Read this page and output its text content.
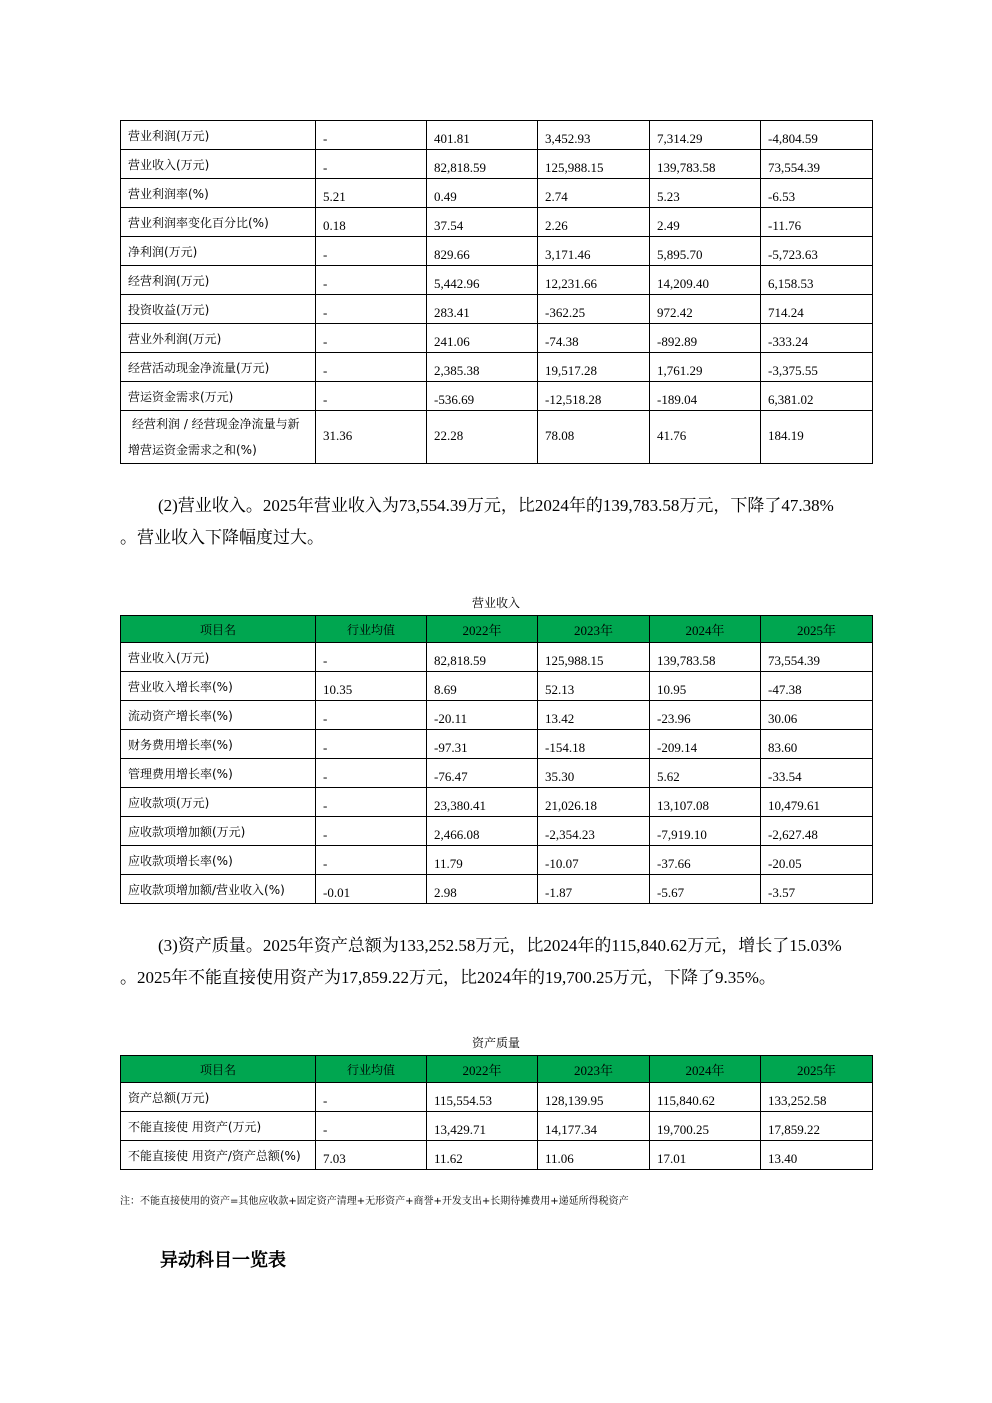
营业利润(万元)	-	401.81	3,452.93	7,314.29	-4,804.59
营业收入(万元)	-	82,818.59	125,988.15	139,783.58	73,554.39
营业利润率(%)	5.21	0.49	2.74	5.23	-6.53
营业利润率变化百分比(%)	0.18	37.54	2.26	2.49	-11.76
净利润(万元)	-	829.66	3,171.46	5,895.70	-5,723.63
经营利润(万元)	-	5,442.96	12,231.66	14,209.40	6,158.53
投资收益(万元)	-	283.41	-362.25	972.42	714.24
营业外利润(万元)	-	241.06	-74.38	-892.89	-333.24
经营活动现金净流量(万元)	-	2,385.38	19,517.28	1,761.29	-3,375.55
营运资金需求(万元)	-	-536.69	-12,518.28	-189.04	6,381.02

经营利润 / 经营现金净流量与新
增营运资金需求之和(%)	31.36	22.28	78.08	41.76	184.19
(2)营业收入。2025年营业收入为73,554.39万元，比2024年的139,783.58万元，下降了47.38%
。营业收入下降幅度过大。
营业收入
项目名	行业均值	2022年	2023年	2024年	2025年
营业收入(万元)	-	82,818.59	125,988.15	139,783.58	73,554.39
营业收入增长率(%)	10.35	8.69	52.13	10.95	-47.38
流动资产增长率(%)	-	-20.11	13.42	-23.96	30.06
财务费用增长率(%)	-	-97.31	-154.18	-209.14	83.60
管理费用增长率(%)	-	-76.47	35.30	5.62	-33.54
应收款项(万元)	-	23,380.41	21,026.18	13,107.08	10,479.61
应收款项增加额(万元)	-	2,466.08	-2,354.23	-7,919.10	-2,627.48
应收款项增长率(%)	-	11.79	-10.07	-37.66	-20.05
应收款项增加额/营业收入(%)	-0.01	2.98	-1.87	-5.67	-3.57
(3)资产质量。2025年资产总额为133,252.58万元，比2024年的115,840.62万元，增长了15.03%
。2025年不能直接使用资产为17,859.22万元，比2024年的19,700.25万元，下降了9.35%。
资产质量
项目名	行业均值	2022年	2023年	2024年	2025年
资产总额(万元)	-	115,554.53	128,139.95	115,840.62	133,252.58
不能直接使 用资产(万元)	-	13,429.71	14,177.34	19,700.25	17,859.22
不能直接使 用资产/资产总额(%)	7.03	11.62	11.06	17.01	13.40
注：不能直接使用的资产=其他应收款+固定资产清理+无形资产+商誉+开发支出+长期待摊费用+递延所得税资产
异动科目一览表
